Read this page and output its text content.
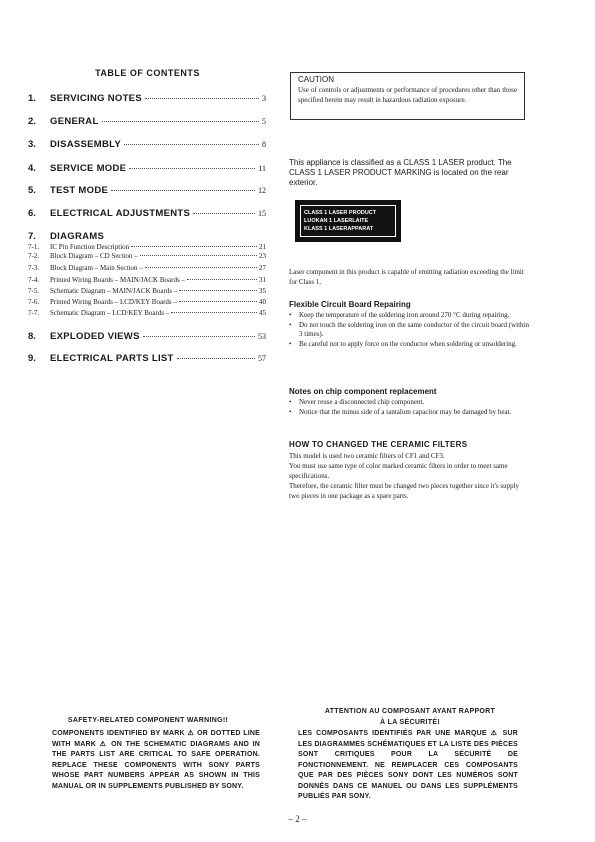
TABLE OF CONTENTS
1.	SERVICING NOTES	3
2.	GENERAL	5
3.	DISASSEMBLY	8
4.	SERVICE MODE	11
5.	TEST MODE	12
6.	ELECTRICAL ADJUSTMENTS	15
7.	DIAGRAMS
7-1.	IC Pin Function Description	21
7-2.	Block Diagram – CD Section –	23
7-3.	Block Diagram – Main Section –	27
7-4.	Printed Wiring Boards – MAIN/JACK Boards –	31
7-5.	Schematic Diagram – MAIN/JACK Boards –	35
7-6.	Printed Wiring Boards – LCD/KEY Boards –	40
7-7.	Schematic Diagram – LCD/KEY Boards –	45
8.	EXPLODED VIEWS	53
9.	ELECTRICAL PARTS LIST	57
CAUTION
Use of controls or adjustments or performance of procedures other than those specified herein may result in hazardous radiation exposure.
This appliance is classified as a CLASS 1 LASER product. The CLASS 1 LASER PRODUCT MARKING is located on the rear exterior.
CLASS 1 LASER PRODUCT
LUOKAN 1 LASERLAITE
KLASS 1 LASERAPPARAT
Laser component in this product is capable of emitting radiation exceeding the limit for Class 1.
Flexible Circuit Board Repairing
•	Keep the temperature of the soldering iron around 270 °C during repairing.
•	Do not touch the soldering iron on the same conductor of the circuit board (within 3 times).
•	Be careful not to apply force on the conductor when soldering or unsoldering.
Notes on chip component replacement
•	Never reuse a disconnected chip component.
•	Notice that the minus side of a tantalum capacitor may be damaged by heat.
HOW TO CHANGED THE CERAMIC FILTERS
This model is used two ceramic filters of CF1 and CF3.
You must use same type of color marked ceramic filters in order to meet same specifications.
Therefore, the ceramic filter must be changed two pieces together since it's supply two pieces in one package as a spare parts.
SAFETY-RELATED COMPONENT WARNING!!
COMPONENTS IDENTIFIED BY MARK ⚠ OR DOTTED LINE WITH MARK ⚠ ON THE SCHEMATIC DIAGRAMS AND IN THE PARTS LIST ARE CRITICAL TO SAFE OPERATION. REPLACE THESE COMPONENTS WITH SONY PARTS WHOSE PART NUMBERS APPEAR AS SHOWN IN THIS MANUAL OR IN SUPPLEMENTS PUBLISHED BY SONY.
ATTENTION AU COMPOSANT AYANT RAPPORT
À LA SÉCURITÉ!
LES COMPOSANTS IDENTIFIÉS PAR UNE MARQUE ⚠ SUR LES DIAGRAMMES SCHÉMATIQUES ET LA LISTE DES PIÈCES SONT CRITIQUES POUR LA SÉCURITÉ DE FONCTIONNEMENT. NE REMPLACER CES COMPOSANTS QUE PAR DES PIÈCES SONY DONT LES NUMÉROS SONT DONNÉS DANS CE MANUEL OU DANS LES SUPPLÉMENTS PUBLIÉS PAR SONY.
– 2 –
